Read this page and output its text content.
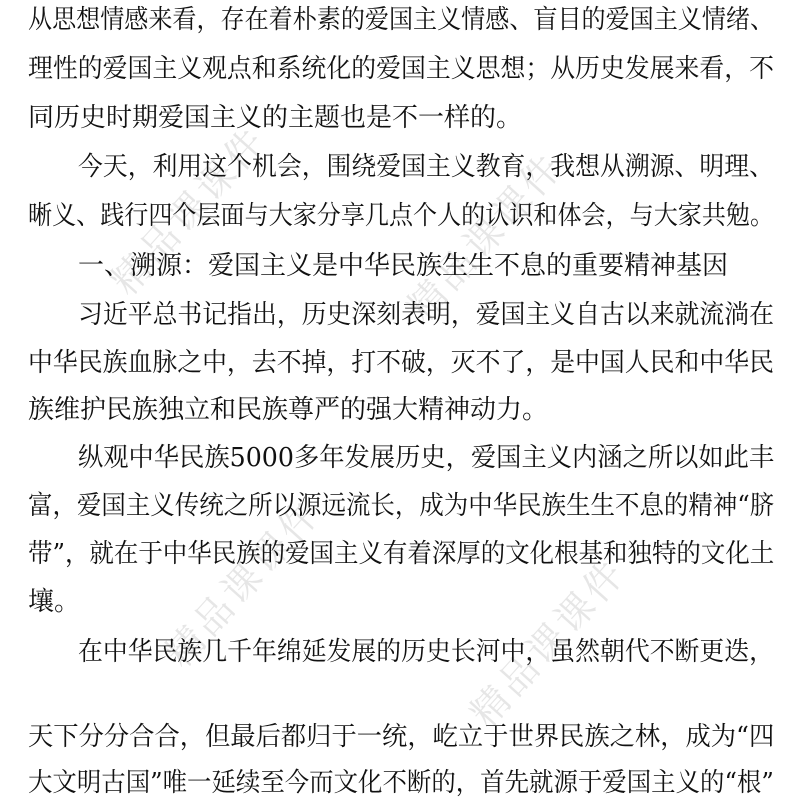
精品课课件	精品课课件
精品课课件	精品课课件
从思想情感来看，存在着朴素的爱国主义情感、盲目的爱国主义情绪、
理性的爱国主义观点和系统化的爱国主义思想；从历史发展来看，不
同历史时期爱国主义的主题也是不一样的。
今天，利用这个机会，围绕爱国主义教育，我想从溯源、明理、
晰义、践行四个层面与大家分享几点个人的认识和体会，与大家共勉。
一、溯源：爱国主义是中华民族生生不息的重要精神基因
习近平总书记指出，历史深刻表明，爱国主义自古以来就流淌在
中华民族血脉之中，去不掉，打不破，灭不了，是中国人民和中华民
族维护民族独立和民族尊严的强大精神动力。
纵观中华民族5000多年发展历史，爱国主义内涵之所以如此丰
富，爱国主义传统之所以源远流长，成为中华民族生生不息的精神“脐
带”，就在于中华民族的爱国主义有着深厚的文化根基和独特的文化土
壤。
在中华民族几千年绵延发展的历史长河中，虽然朝代不断更迭，
天下分分合合，但最后都归于一统，屹立于世界民族之林，成为“四
大文明古国”唯一延续至今而文化不断的，首先就源于爱国主义的“根”
